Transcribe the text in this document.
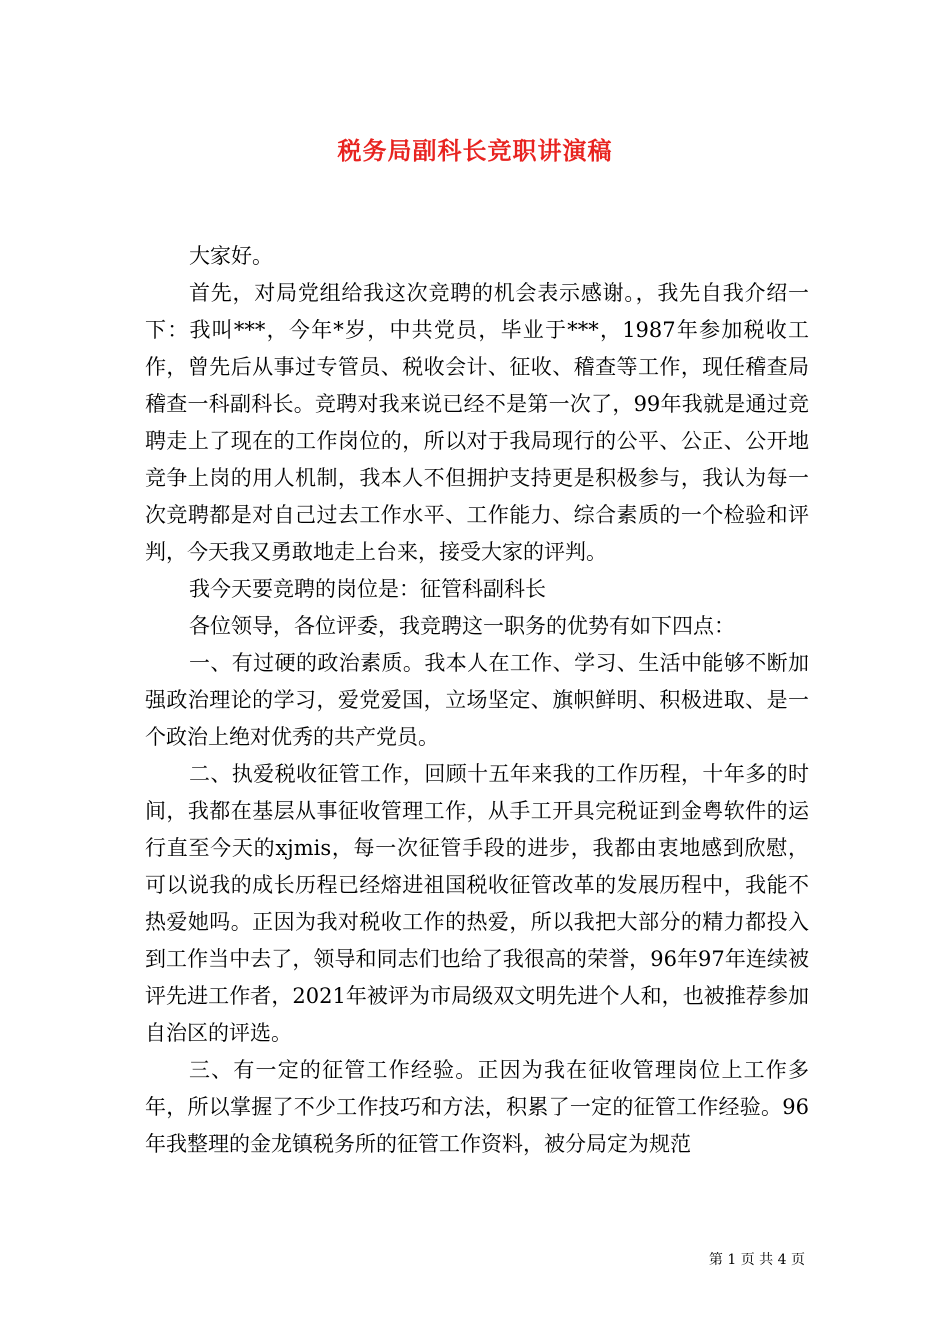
税务局副科长竞职讲演稿

大家好。

首先，对局党组给我这次竞聘的机会表示感谢。，我先自我介绍一下：我叫***，今年*岁，中共党员，毕业于***，1987年参加税收工作，曾先后从事过专管员、税收会计、征收、稽查等工作，现任稽查局稽查一科副科长。竞聘对我来说已经不是第一次了，99年我就是通过竞聘走上了现在的工作岗位的，所以对于我局现行的公平、公正、公开地竞争上岗的用人机制，我本人不但拥护支持更是积极参与，我认为每一次竞聘都是对自己过去工作水平、工作能力、综合素质的一个检验和评判，今天我又勇敢地走上台来，接受大家的评判。

我今天要竞聘的岗位是：征管科副科长

各位领导，各位评委，我竞聘这一职务的优势有如下四点：

一、有过硬的政治素质。我本人在工作、学习、生活中能够不断加强政治理论的学习，爱党爱国，立场坚定、旗帜鲜明、积极进取、是一个政治上绝对优秀的共产党员。

二、执爱税收征管工作，回顾十五年来我的工作历程，十年多的时间，我都在基层从事征收管理工作，从手工开具完税证到金粤软件的运行直至今天的xjmis，每一次征管手段的进步，我都由衷地感到欣慰，可以说我的成长历程已经熔进祖国税收征管改革的发展历程中，我能不热爱她吗。正因为我对税收工作的热爱，所以我把大部分的精力都投入到工作当中去了，领导和同志们也给了我很高的荣誉，96年97年连续被评先进工作者，2021年被评为市局级双文明先进个人和，也被推荐参加自治区的评选。

三、有一定的征管工作经验。正因为我在征收管理岗位上工作多年，所以掌握了不少工作技巧和方法，积累了一定的征管工作经验。96年我整理的金龙镇税务所的征管工作资料，被分局定为规范

第 1 页 共 4 页
